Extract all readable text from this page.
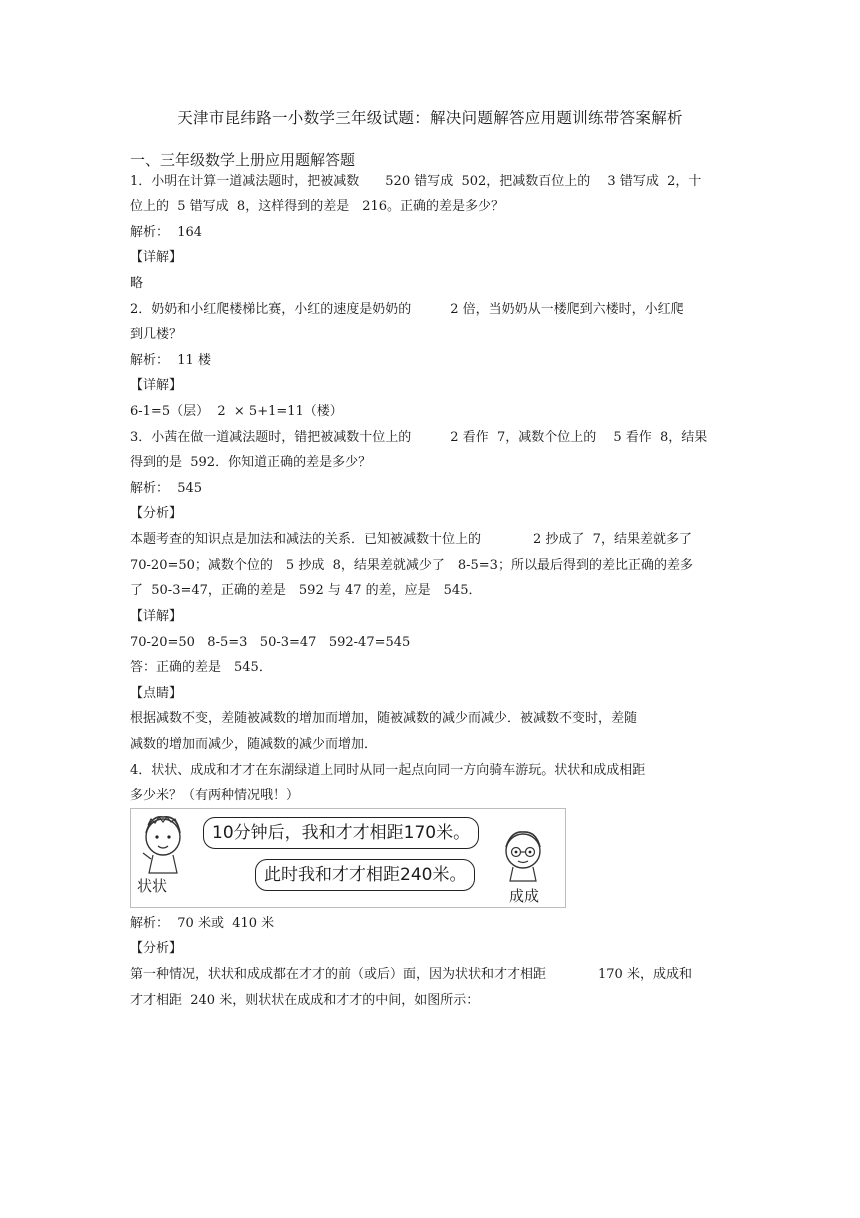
天津市昆纬路一小数学三年级试题：解决问题解答应用题训练带答案解析
一、三年级数学上册应用题解答题
1．小明在计算一道减法题时，把被减数　　520 错写成  502，把减数百位上的　 3 错写成  2，十
位上的  5 错写成  8，这样得到的差是　216。正确的差是多少？
解析：  164
【详解】
略
2．奶奶和小红爬楼梯比赛，小红的速度是奶奶的　　　2 倍，当奶奶从一楼爬到六楼时，小红爬
到几楼？
解析：  11 楼
【详解】
6-1=5（层）  2  × 5+1=11（楼）
3．小茜在做一道减法题时，错把被减数十位上的　　　2 看作  7，减数个位上的　 5 看作  8，结果
得到的是  592．你知道正确的差是多少？
解析：  545
【分析】
本题考查的知识点是加法和减法的关系．已知被减数十位上的　　　　2 抄成了  7，结果差就多了
70-20=50；减数个位的　5 抄成  8，结果差就减少了　8-5=3；所以最后得到的差比正确的差多
了  50-3=47，正确的差是　592 与 47 的差，应是　545．
【详解】
70-20=50   8-5=3   50-3=47   592-47=545
答：正确的差是　545．
【点睛】
根据减数不变，差随被减数的增加而增加，随被减数的减少而减少．被减数不变时，差随
减数的增加而减少，随减数的减少而增加．
4．状状、成成和才才在东湖绿道上同时从同一起点向同一方向骑车游玩。状状和成成相距
多少米？（有两种情况哦！）
10分钟后，我和才才相距170米。
此时我和才才相距240米。
状状
成成
解析：  70 米或  410 米
【分析】
第一种情况，状状和成成都在才才的前（或后）面，因为状状和才才相距　　　　170 米，成成和
才才相距  240 米，则状状在成成和才才的中间，如图所示：
